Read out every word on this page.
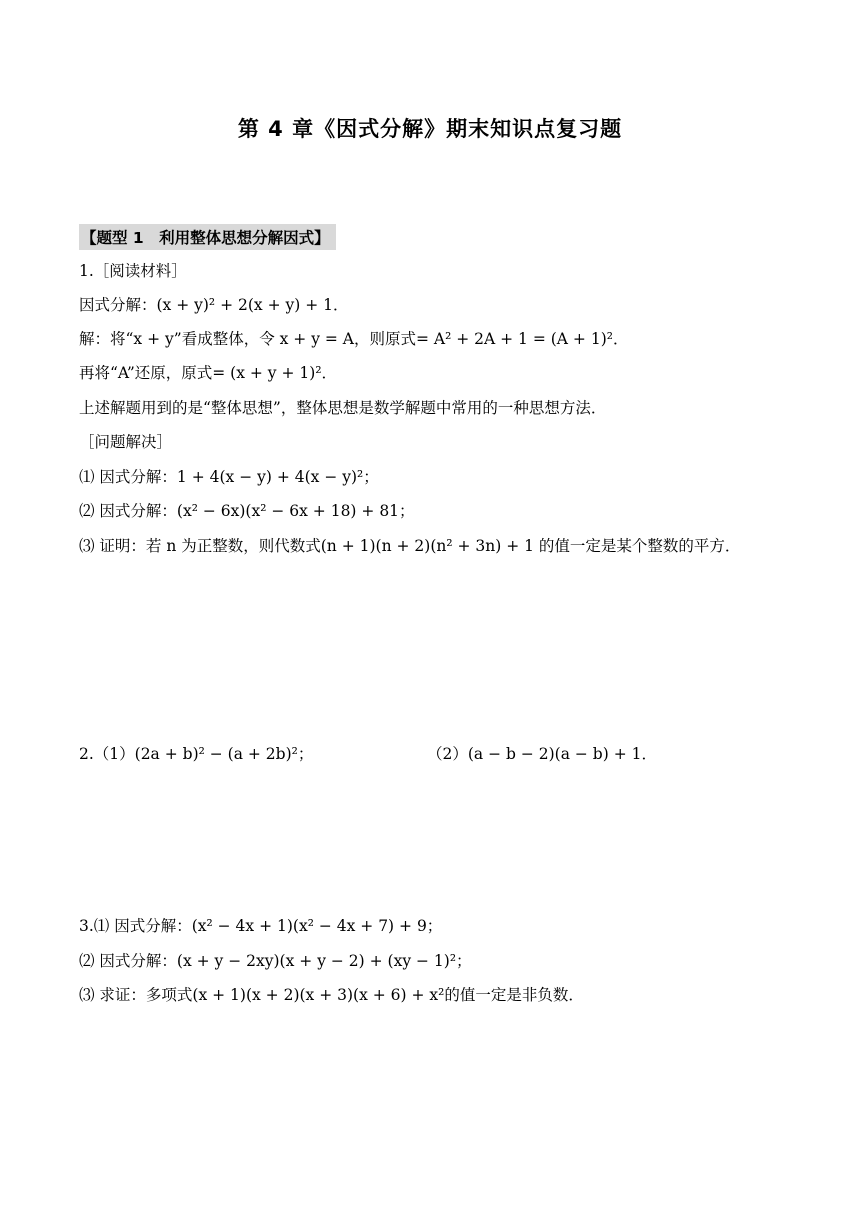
第 4 章《因式分解》期末知识点复习题
【题型 1　利用整体思想分解因式】
1.［阅读材料］
因式分解：(x + y)² + 2(x + y) + 1．
解：将“x + y”看成整体，令 x + y = A，则原式= A² + 2A + 1 = (A + 1)²．
再将“A”还原，原式= (x + y + 1)²．
上述解题用到的是“整体思想”，整体思想是数学解题中常用的一种思想方法．
［问题解决］
⑴ 因式分解：1 + 4(x − y) + 4(x − y)²；
⑵ 因式分解：(x² − 6x)(x² − 6x + 18) + 81；
⑶ 证明：若 n 为正整数，则代数式(n + 1)(n + 2)(n² + 3n) + 1 的值一定是某个整数的平方．
2.（1）(2a + b)² − (a + 2b)²；	（2）(a − b − 2)(a − b) + 1．
3.⑴ 因式分解：(x² − 4x + 1)(x² − 4x + 7) + 9；
⑵ 因式分解：(x + y − 2xy)(x + y − 2) + (xy − 1)²；
⑶ 求证：多项式(x + 1)(x + 2)(x + 3)(x + 6) + x²的值一定是非负数．
